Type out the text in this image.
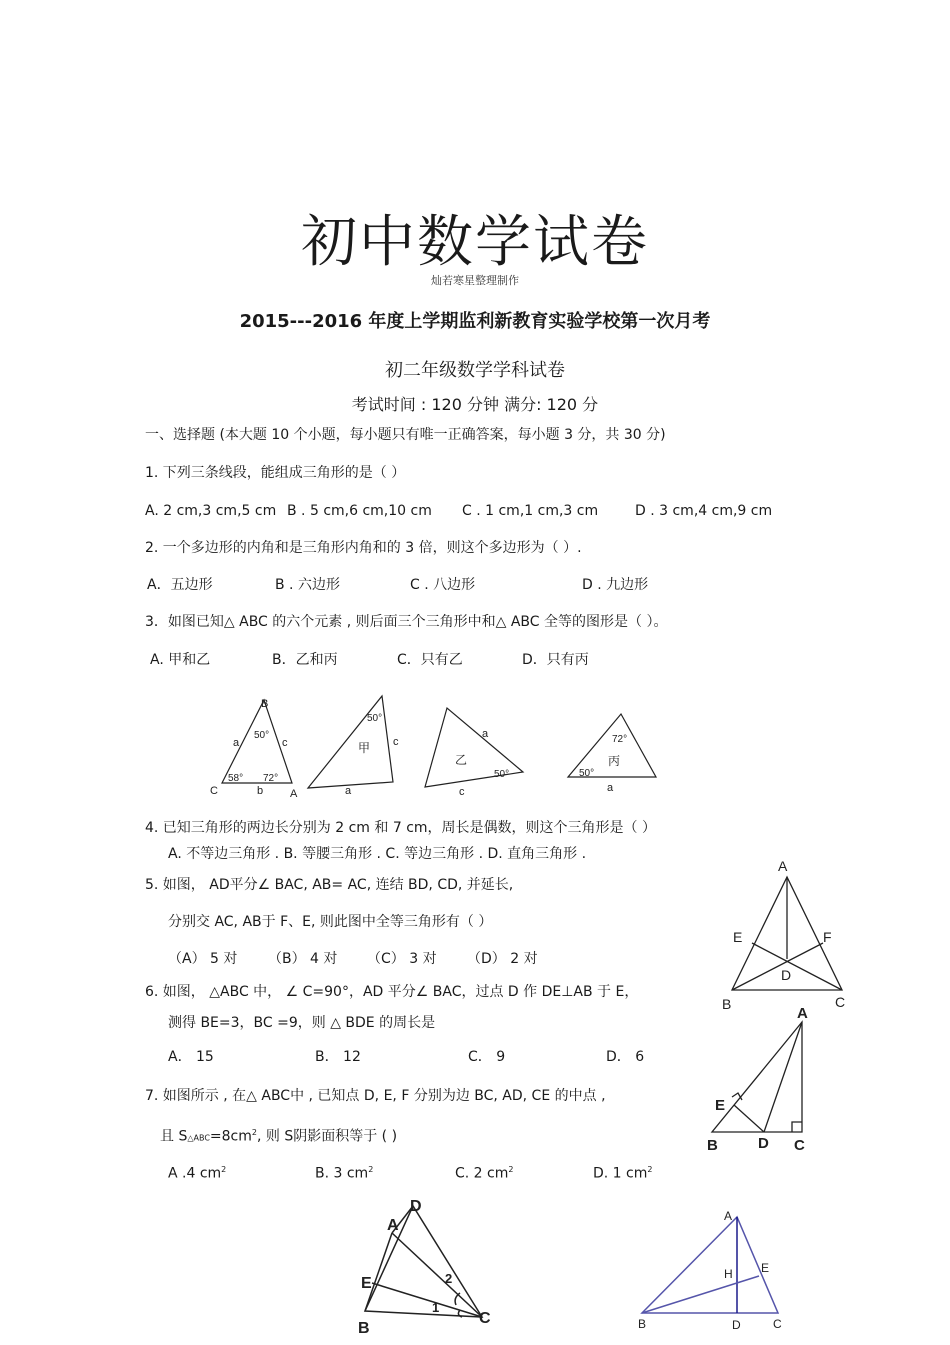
初中数学试卷
灿若寒星整理制作
2015---2016 年度上学期监利新教育实验学校第一次月考
初二年级数学学科试卷
考试时间 : 120 分钟 满分: 120 分
一、选择题 (本大题 10 个小题，每小题只有唯一正确答案，每小题 3 分，共 30 分)
1. 下列三条线段，能组成三角形的是（ ）
A. 2 cm,3 cm,5 cm B . 5 cm,6 cm,10 cm C . 1 cm,1 cm,3 cm	D . 3 cm,4 cm,9 cm
2. 一个多边形的内角和是三角形内角和的 3 倍，则这个多边形为（ ）.
A．五边形	B . 六边形	C . 八边形	D . 九边形
3．如图已知△ ABC 的六个元素 , 则后面三个三角形中和△ ABC 全等的图形是（ ）。
A. 甲和乙	B．乙和丙	C．只有乙	D．只有丙
B
C	A
a	c
b
50°
58° 72°
甲
50°
c
a
乙
50°
a
c
丙
72°
50°
a
4. 已知三角形的两边长分别为 2 cm 和 7 cm，周长是偶数，则这个三角形是（ ）
A. 不等边三角形 . B. 等腰三角形 . C. 等边三角形 . D. 直角三角形 .
5. 如图， AD平分∠ BAC, AB= AC, 连结 BD, CD, 并延长,
分别交 AC, AB于 F、E, 则此图中全等三角形有（ ）
（A） 5 对 （B） 4 对 （C） 3 对 （D） 2 对
A
B	C
D
E	F
6. 如图， △ABC 中， ∠ C=90°，AD 平分∠ BAC，过点 D 作 DE⊥AB 于 E，
测得 BE=3，BC =9，则 △ BDE 的周长是
A． 15	B． 12	C． 9	D． 6
A
B	C
D
E
7. 如图所示 , 在△ ABC中 , 已知点 D, E, F 分别为边 BC, AD, CE 的中点 ,
且 $S\triangle ABC=8cm^2$, 则 S阴影面积等于 ( )
A .4 $cm^2$	B. 3 $cm^2$	C. 2 $cm^2$	D. 1 $cm^2$
A
D
B
C
E
1
2
A
B	C
D
E
H
